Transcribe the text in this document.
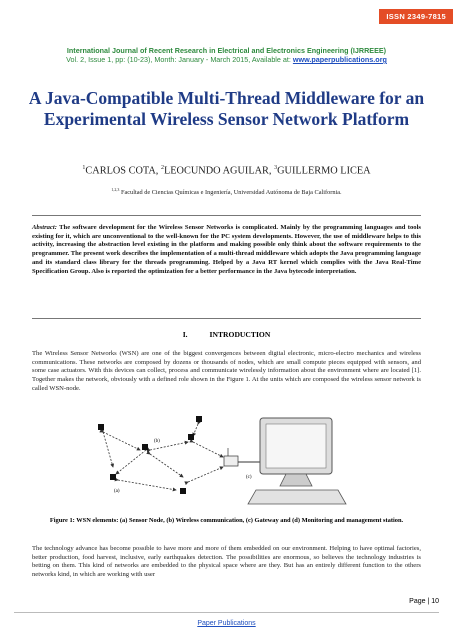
ISSN 2349-7815
International Journal of Recent Research in Electrical and Electronics Engineering (IJRREEE)
Vol. 2, Issue 1, pp: (10-23), Month: January - March 2015, Available at: www.paperpublications.org
A Java-Compatible Multi-Thread Middleware for an Experimental Wireless Sensor Network Platform
$^1$CARLOS COTA, $^2$LEOCUNDO AGUILAR, $^3$GUILLERMO LICEA
$^{1,2,3}$ Facultad de Ciencias Químicas e Ingeniería, Universidad Autónoma de Baja California.
Abstract: The software development for the Wireless Sensor Networks is complicated. Mainly by the programming languages and tools existing for it, which are unconventional to the well-known for the PC system developments. However, the use of middleware helps to this activity, increasing the abstraction level existing in the platform and making possible only think about the software requirements to the programmer. The present work describes the implementation of a multi-thread middleware which adopts the Java programming language and its standard class library for the threads programming. Helped by a Java RT kernel which complies with the Java Real-Time Specification Group. Also is reported the optimization for a better performance in the Java bytecode interpretation.
I.	INTRODUCTION
The Wireless Sensor Networks (WSN) are one of the biggest convergences between digital electronic, micro-electro mechanics and wireless communications. These networks are composed by dozens or thousands of nodes, which are small compute pieces equipped with sensors, and some case actuators. With this devices can collect, process and communicate wirelessly information about the environment where are located [1]. Together makes the network, obviously with a defined role shown in the Figure 1. At the units which are composed the wireless sensor network is called WSN-node.
(b)
(a)
(c)
Figure 1: WSN elements: (a) Sensor Node, (b) Wireless communication, (c) Gateway and (d) Monitoring and management station.
The technology advance has become possible to have more and more of them embedded on our environment. Helping to have optimal factories, better production, food harvest, inclusive, early earthquakes detection. The possibilities are enormous, so believes the technology industries is betting on them. This kind of networks are embedded to the physical space where are they. But has an entirely different function to the others networks kind, in which are working with user
Page | 10
Paper Publications
